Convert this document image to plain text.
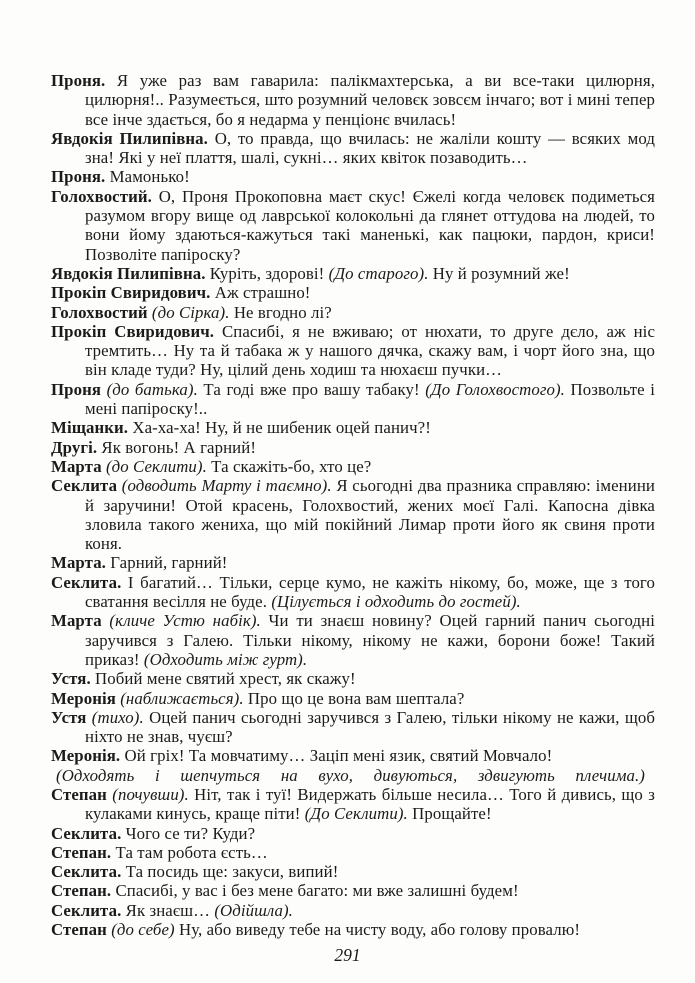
Проня. Я уже раз вам гаварила: палікмахтерська, а ви все-таки цилюрня, цилюрня!.. Разумеється, што розумний человєк зовсєм інчаго; вот і мині тепер все інче здається, бо я недарма у пенціонє вчилась!

Явдокія Пилипівна. О, то правда, що вчилась: не жаліли кошту — всяких мод зна! Які у неї плаття, шалі, сукні… яких квіток позаводить…

Проня. Мамонько!

Голохвостий. О, Проня Прокоповна маєт скус! Єжелі когда человєк подиметься разумом вгору вище од лаврської колокольні да глянет оттудова на людей, то вони йому здаються-кажуться такі маненькі, как пацюки, пардон, криси! Позволіте папіроску?

Явдокія Пилипівна. Куріть, здорові! (До старого). Ну й розумний же!

Прокіп Свиридович. Аж страшно!

Голохвостий (до Сірка). Не вгодно лі?

Прокіп Свиридович. Спасибі, я не вживаю; от нюхати, то друге дєло, аж ніс тремтить… Ну та й табака ж у нашого дячка, скажу вам, і чорт його зна, що він кладе туди? Ну, цілий день ходиш та нюхаєш пучки…

Проня (до батька). Та годі вже про вашу табаку! (До Голохвостого). Позвольте і мені папіроску!..

Міщанки. Ха-ха-ха! Ну, й не шибеник оцей панич?!

Другі. Як вогонь! А гарний!

Марта (до Секлити). Та скажіть-бо, хто це?

Секлита (одводить Марту і таємно). Я сьогодні два празника справляю: іменини й заручини! Отой красень, Голохвостий, жених моєї Галі. Капосна дівка зловила такого жениха, що мій покійний Лимар проти його як свиня проти коня.

Марта. Гарний, гарний!

Секлита. І багатий… Тільки, серце кумо, не кажіть нікому, бо, може, ще з того сватання весілля не буде. (Цілується і одходить до гостей).

Марта (кличе Устю набік). Чи ти знаєш новину? Оцей гарний панич сьогодні заручився з Галею. Тільки нікому, нікому не кажи, борони боже! Такий приказ! (Одходить між гурт).

Устя. Побий мене святий хрест, як скажу!

Меронія (наближається). Про що це вона вам шептала?

Устя (тихо). Оцей панич сьогодні заручився з Галею, тільки нікому не кажи, щоб ніхто не знав, чуєш?

Меронія. Ой гріх! Та мовчатиму… Заціп мені язик, святий Мовчало!

(Одходять і шепчуться на вухо, дивуються, здвигують плечима.)

Степан (почувши). Ніт, так і туї! Видержать більше несила… Того й дивись, що з кулаками кинусь, краще піти! (До Секлити). Прощайте!

Секлита. Чого се ти? Куди?

Степан. Та там робота єсть…

Секлита. Та посидь ще: закуси, випий!

Степан. Спасибі, у вас і без мене багато: ми вже залишні будем!

Секлита. Як знаєш… (Одійшла).

Степан (до себе) Ну, або виведу тебе на чисту воду, або голову провалю!

291
